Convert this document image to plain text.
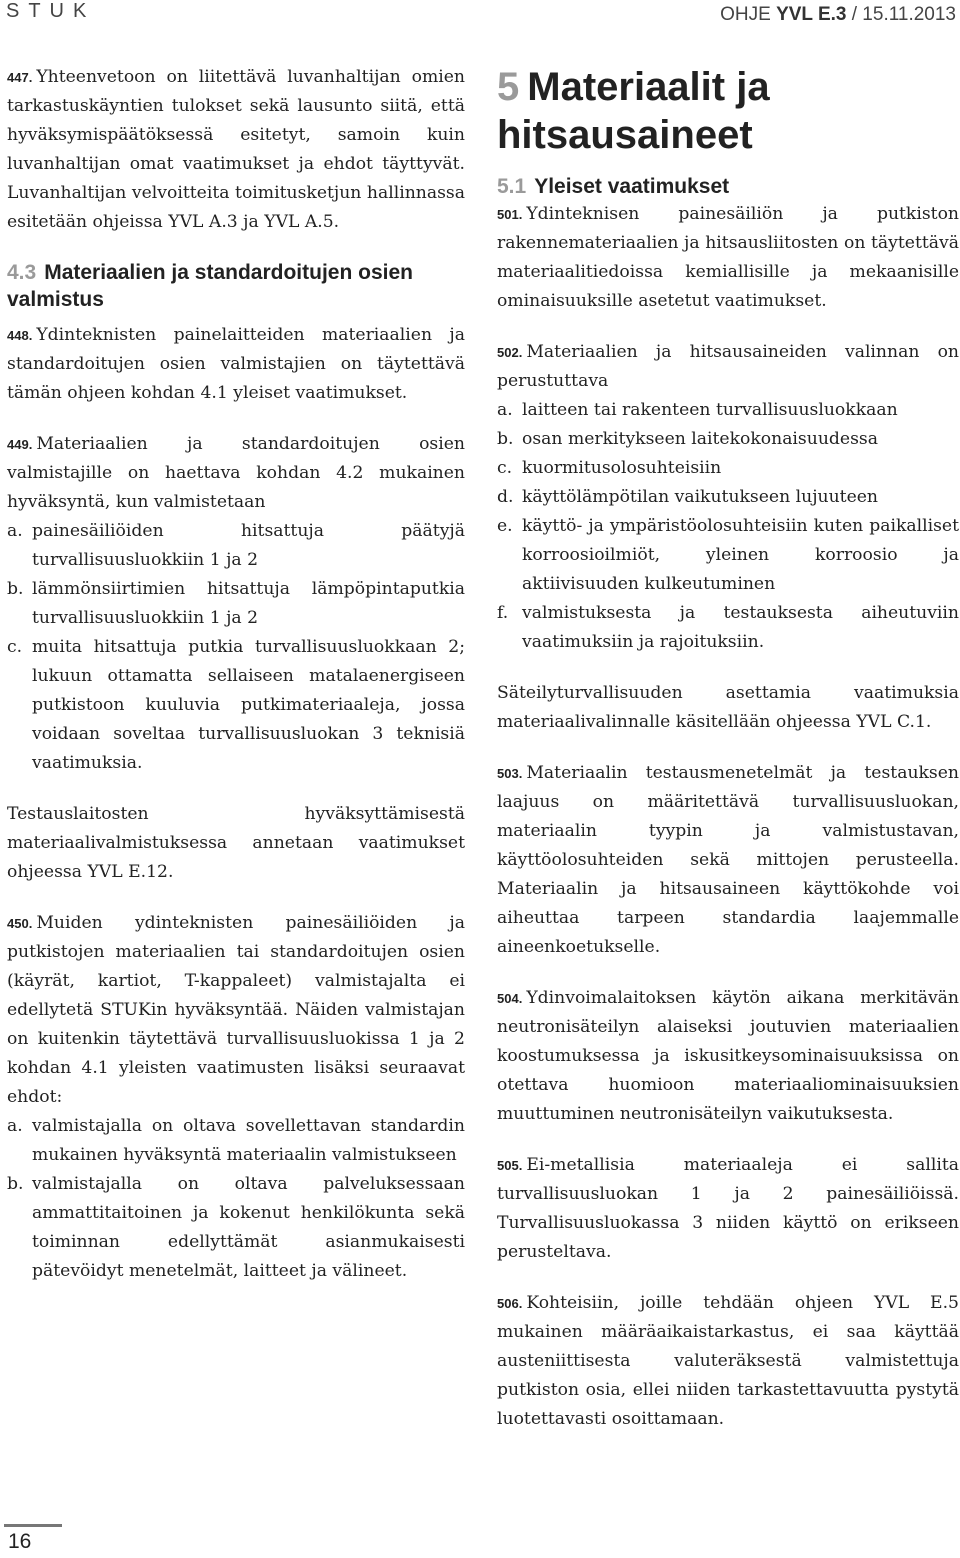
STUK	OHJE YVL E.3 / 15.11.2013

447. Yhteenvetoon on liitettävä luvanhaltijan omien tarkastuskäyntien tulokset sekä lausunto siitä, että hyväksymispäätöksessä esitetyt, samoin kuin luvanhaltijan omat vaatimukset ja ehdot täyttyvät. Luvanhaltijan velvoitteita toimitusketjun hallinnassa esitetään ohjeissa YVL A.3 ja YVL A.5.

4.3 Materiaalien ja standardoitujen osien valmistus

448. Ydinteknisten painelaitteiden materiaalien ja standardoitujen osien valmistajien on täytettävä tämän ohjeen kohdan 4.1 yleiset vaatimukset.

449. Materiaalien ja standardoitujen osien valmistajille on haettava kohdan 4.2 mukainen hyväksyntä, kun valmistetaan

a. painesäiliöiden hitsattuja päätyjä turvallisuusluokkiin 1 ja 2
b. lämmönsiirtimien hitsattuja lämpöpintaputkia turvallisuusluokkiin 1 ja 2
c. muita hitsattuja putkia turvallisuusluokkaan 2; lukuun ottamatta sellaiseen matalaenergiseen putkistoon kuuluvia putkimateriaaleja, jossa voidaan soveltaa turvallisuusluokan 3 teknisiä vaatimuksia.

Testauslaitosten hyväksyttämisestä materiaalivalmistuksessa annetaan vaatimukset ohjeessa YVL E.12.

450. Muiden ydinteknisten painesäiliöiden ja putkistojen materiaalien tai standardoitujen osien (käyrät, kartiot, T-kappaleet) valmistajalta ei edellytetä STUKin hyväksyntää. Näiden valmistajan on kuitenkin täytettävä turvallisuusluokissa 1 ja 2 kohdan 4.1 yleisten vaatimusten lisäksi seuraavat ehdot:

a. valmistajalla on oltava sovellettavan standardin mukainen hyväksyntä materiaalin valmistukseen
b. valmistajalla on oltava palveluksessaan ammattitaitoinen ja kokenut henkilökunta sekä toiminnan edellyttämät asianmukaisesti pätevöidyt menetelmät, laitteet ja välineet.
5 Materiaalit ja hitsausaineet
5.1 Yleiset vaatimukset

501. Ydinteknisen painesäiliön ja putkiston rakennemateriaalien ja hitsausliitosten on täytettävä materiaalitiedoissa kemiallisille ja mekaanisille ominaisuuksille asetetut vaatimukset.

502. Materiaalien ja hitsausaineiden valinnan on perustuttava

a. laitteen tai rakenteen turvallisuusluokkaan
b. osan merkitykseen laitekokonaisuudessa
c. kuormitusolosuhteisiin
d. käyttölämpötilan vaikutukseen lujuuteen
e. käyttö- ja ympäristöolosuhteisiin kuten paikalliset korroosioilmiöt, yleinen korroosio ja aktiivisuuden kulkeutuminen
f. valmistuksesta ja testauksesta aiheutuviin vaatimuksiin ja rajoituksiin.

Säteilyturvallisuuden asettamia vaatimuksia materiaalivalinnalle käsitellään ohjeessa YVL C.1.

503. Materiaalin testausmenetelmät ja testauksen laajuus on määritettävä turvallisuusluokan, materiaalin tyypin ja valmistustavan, käyttöolosuhteiden sekä mittojen perusteella. Materiaalin ja hitsausaineen käyttökohde voi aiheuttaa tarpeen standardia laajemmalle aineenkoetukselle.

504. Ydinvoimalaitoksen käytön aikana merkitävän neutronisäteilyn alaiseksi joutuvien materiaalien koostumuksessa ja iskusitkeysominaisuuksissa on otettava huomioon materiaaliominaisuuksien muuttuminen neutronisäteilyn vaikutuksesta.

505. Ei-metallisia materiaaleja ei sallita turvallisuusluokan 1 ja 2 painesäiliöissä. Turvallisuusluokassa 3 niiden käyttö on erikseen perusteltava.

506. Kohteisiin, joille tehdään ohjeen YVL E.5 mukainen määräaikaistarkastus, ei saa käyttää austeniittisesta valuteräksestä valmistettuja putkiston osia, ellei niiden tarkastettavuutta pystytä luotettavasti osoittamaan.

16
